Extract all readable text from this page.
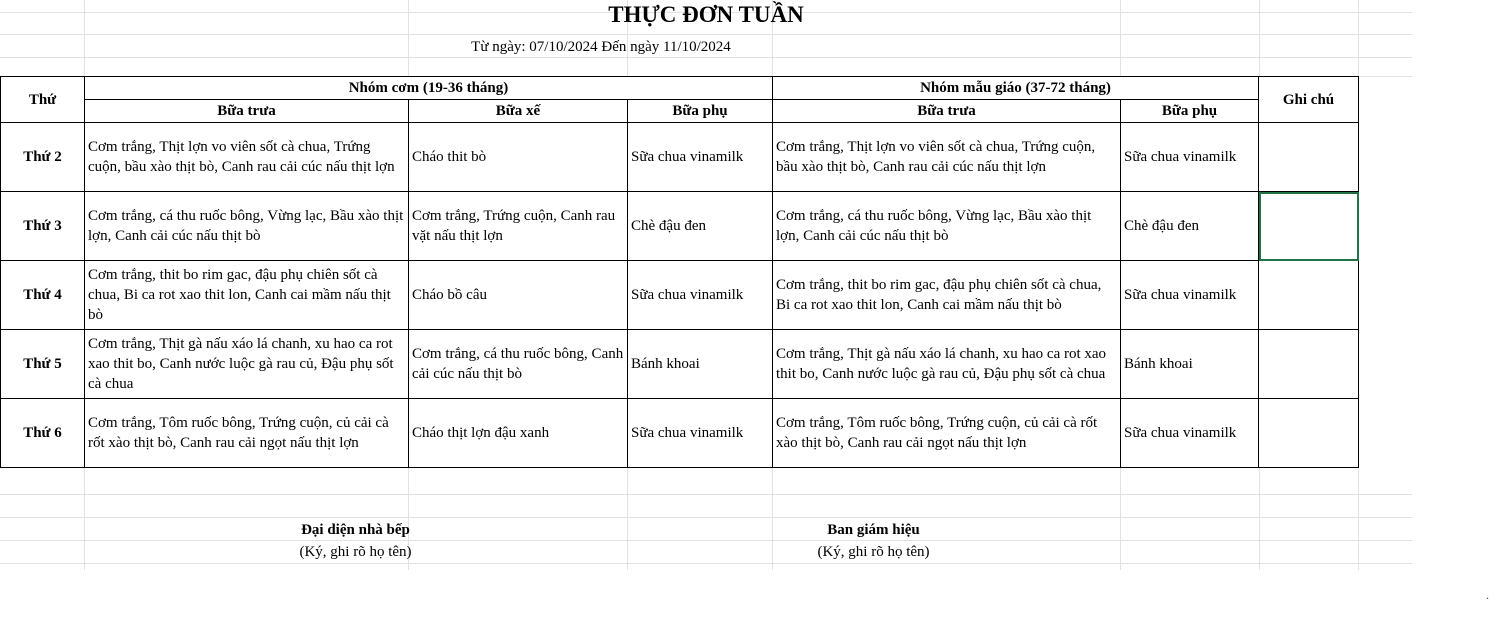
THỰC ĐƠN TUẦN
Từ ngày: 07/10/2024 Đến ngày 11/10/2024
Thứ	Nhóm cơm (19-36 tháng)			Nhóm mẫu giáo (37-72 tháng)		Ghi chú
	Bữa trưa	Bữa xế	Bữa phụ	Bữa trưa	Bữa phụ	
Thứ 2	Cơm trắng, Thịt lợn vo viên sốt cà chua, Trứng cuộn, bầu xào thịt bò, Canh rau cải cúc nấu thịt lợn	Cháo thit bò	Sữa chua vinamilk	Cơm trắng, Thịt lợn vo viên sốt cà chua, Trứng cuộn, bầu xào thịt bò, Canh rau cải cúc nấu thịt lợn	Sữa chua vinamilk	
Thứ 3	Cơm trắng, cá thu ruốc bông, Vừng lạc, Bầu xào thịt lợn, Canh cải cúc nấu thịt bò	Cơm trắng, Trứng cuộn, Canh rau vặt nấu thịt lợn	Chè đậu đen	Cơm trắng, cá thu ruốc bông, Vừng lạc, Bầu xào thịt lợn, Canh cải cúc nấu thịt bò	Chè đậu đen	
Thứ 4	Cơm trắng, thit bo rim gac, đậu phụ chiên sốt cà chua, Bi ca rot xao thit lon, Canh cai mầm nấu thịt bò	Cháo bồ câu	Sữa chua vinamilk	Cơm trắng, thit bo rim gac, đậu phụ chiên sốt cà chua, Bi ca rot xao thit lon, Canh cai mầm nấu thịt bò	Sữa chua vinamilk	
Thứ 5	Cơm trắng, Thịt gà nấu xáo lá chanh, xu hao ca rot xao thit bo, Canh nước luộc gà rau củ, Đậu phụ sốt cà chua	Cơm trắng, cá thu ruốc bông, Canh cải cúc nấu thịt bò	Bánh khoai	Cơm trắng, Thịt gà nấu xáo lá chanh, xu hao ca rot xao thit bo, Canh nước luộc gà rau củ, Đậu phụ sốt cà chua	Bánh khoai	
Thứ 6	Cơm trắng, Tôm ruốc bông, Trứng cuộn, củ cải cà rốt xào thịt bò, Canh rau cải ngọt nấu thịt lợn	Cháo thịt lợn đậu xanh	Sữa chua vinamilk	Cơm trắng, Tôm ruốc bông, Trứng cuộn, củ cải cà rốt xào thịt bò, Canh rau cải ngọt nấu thịt lợn	Sữa chua vinamilk	
Đại diện nhà bếp
(Ký, ghi rõ họ tên)
Ban giám hiệu
(Ký, ghi rõ họ tên)
.
